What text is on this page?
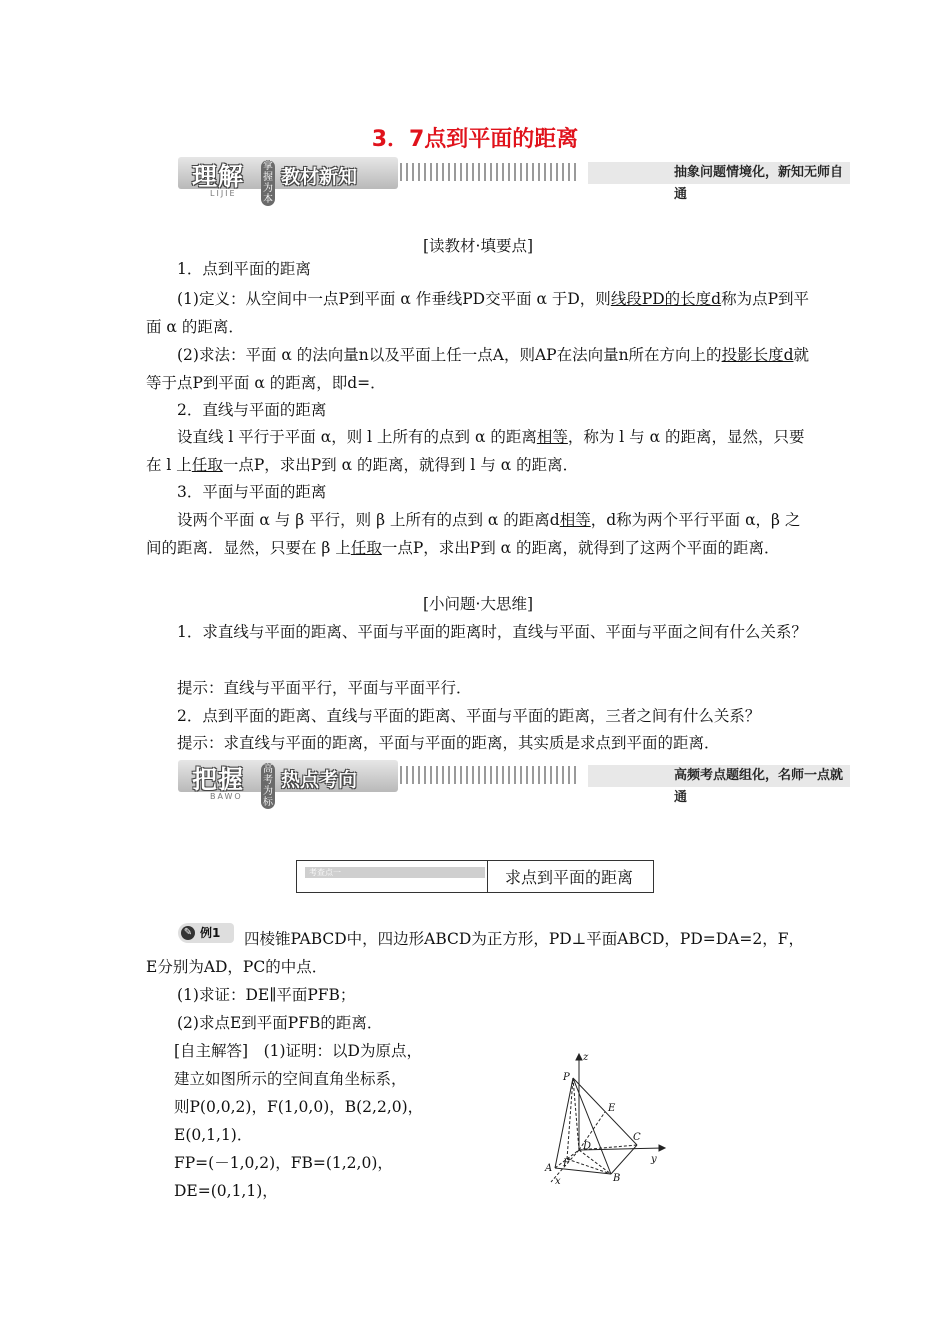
3．7点到平面的距离
理解 掌握为本
教材新知
LIJIE
抽象问题情境化，新知无师自通
[读教材·填要点]
1．点到平面的距离
(1)定义：从空间中一点P到平面 α 作垂线PD交平面 α 于D，则线段PD的长度d称为点P到平面 α 的距离．
(2)求法：平面 α 的法向量n以及平面上任一点A，则AP在法向量n所在方向上的投影长度d就等于点P到平面 α 的距离，即d=．
2．直线与平面的距离
设直线 l 平行于平面 α，则 l 上所有的点到 α 的距离相等，称为 l 与 α 的距离，显然，只要在 l 上任取一点P，求出P到 α 的距离，就得到 l 与 α 的距离．
3．平面与平面的距离
设两个平面 α 与 β 平行，则 β 上所有的点到 α 的距离d相等，d称为两个平行平面 α，β 之间的距离．显然，只要在 β 上任取一点P，求出P到 α 的距离，就得到了这两个平面的距离．
[小问题·大思维]
1．求直线与平面的距离、平面与平面的距离时，直线与平面、平面与平面之间有什么关系？
提示：直线与平面平行，平面与平面平行．
2．点到平面的距离、直线与平面的距离、平面与平面的距离，三者之间有什么关系？
提示：求直线与平面的距离，平面与平面的距离，其实质是求点到平面的距离．
把握 高考为标
热点考向
BAWO
高频考点题组化，名师一点就通
考查点一	求点到平面的距离
✎ 例1	四棱锥PABCD中，四边形ABCD为正方形，PD⊥平面ABCD，PD=DA=2，F，E分别为AD，PC的中点．
(1)求证：DE∥平面PFB；
(2)求点E到平面PFB的距离．
[自主解答]　(1)证明：以D为原点，
建立如图所示的空间直角坐标系，
则P(0,0,2)，F(1,0,0)，B(2,2,0)，
E(0,1,1)．
FP=(－1,0,2)，FB=(1,2,0)，
DE=(0,1,1)，
z
P
E
C
y
D
A F
B
x
